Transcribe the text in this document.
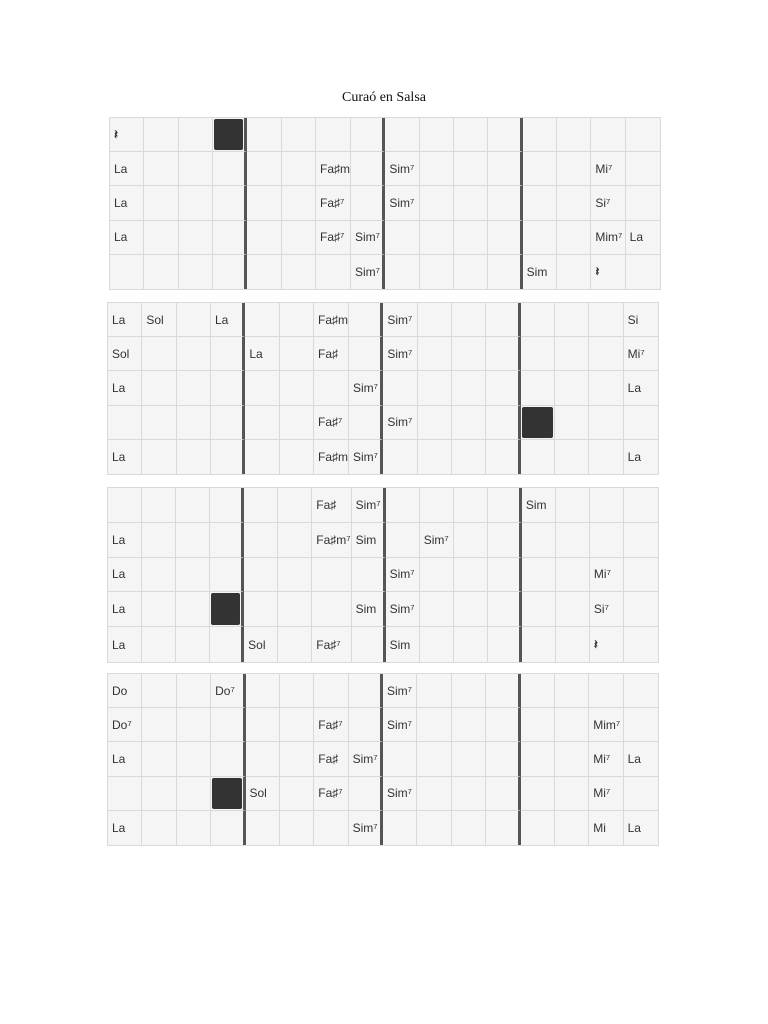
Curaó en Salsa
𝄽
La	Fa♯m	Sim⁷	Mi⁷
La	Fa♯⁷	Sim⁷	Si⁷
La	Fa♯⁷ Sim⁷	Mim⁷ La
Sim⁷	Sim	𝄽
La	Sol	La	Fa♯m	Sim⁷	Si
Sol	La	Fa♯	Sim⁷	Mi⁷
La	Sim⁷	La
Fa♯⁷	Sim⁷
La	Fa♯m Sim⁷	La
Fa♯	Sim⁷	Sim
La	Fa♯m⁷ Sim	Sim⁷
La	Sim⁷	Mi⁷
La	Sim	Sim⁷	Si⁷
La	Sol	Fa♯⁷	Sim	𝄽
Do	Do⁷	Sim⁷
Do⁷	Fa♯⁷	Sim⁷	Mim⁷
La	Fa♯	Sim⁷	Mi⁷	La
Sol	Fa♯⁷	Sim⁷	Mi⁷
La	Sim⁷	Mi	La
